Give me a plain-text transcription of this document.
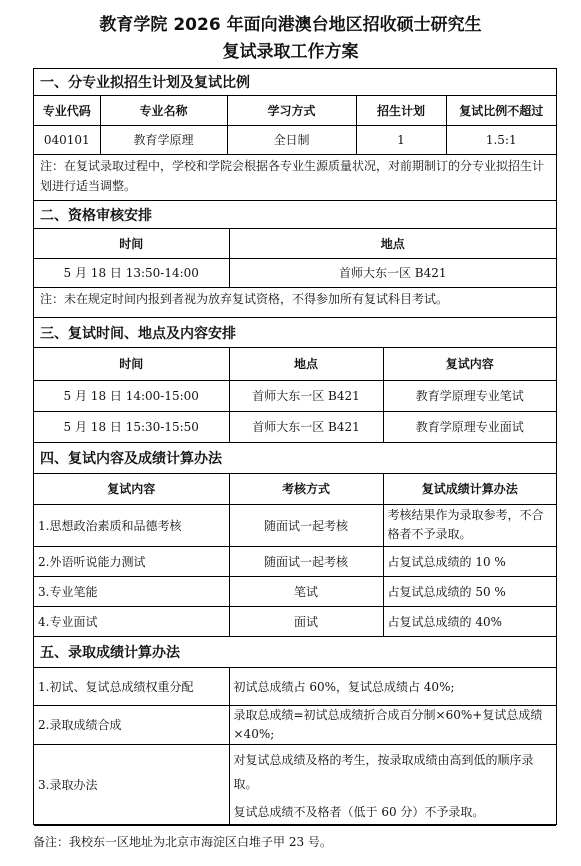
教育学院 2026 年面向港澳台地区招收硕士研究生
复试录取工作方案
一、分专业拟招生计划及复试比例
专业代码	专业名称	学习方式	招生计划	复试比例不超过
040101	教育学原理	全日制	1	1.5:1
注：在复试录取过程中，学校和学院会根据各专业生源质量状况，对前期制订的分专业拟招生计划进行适当调整。
二、资格审核安排
时间	地点
5 月 18 日 13:50-14:00	首师大东一区 B421
注：未在规定时间内报到者视为放弃复试资格，不得参加所有复试科目考试。
三、复试时间、地点及内容安排
时间	地点	复试内容
5 月 18 日 14:00-15:00	首师大东一区 B421	教育学原理专业笔试
5 月 18 日 15:30-15:50	首师大东一区 B421	教育学原理专业面试
四、复试内容及成绩计算办法
复试内容	考核方式	复试成绩计算办法
1.思想政治素质和品德考核	随面试一起考核	考核结果作为录取参考，不合格者不予录取。
2.外语听说能力测试	随面试一起考核	占复试总成绩的 10 %
3.专业笔能	笔试	占复试总成绩的 50 %
4.专业面试	面试	占复试总成绩的 40%
五、录取成绩计算办法
1.初试、复试总成绩权重分配	初试总成绩占 60%，复试总成绩占 40%;
2.录取成绩合成	录取总成绩=初试总成绩折合成百分制×60%+复试总成绩×40%;
3.录取办法	对复试总成绩及格的考生，按录取成绩由高到低的顺序录取。

复试总成绩不及格者（低于 60 分）不予录取。

备注：我校东一区地址为北京市海淀区白堆子甲 23 号。
